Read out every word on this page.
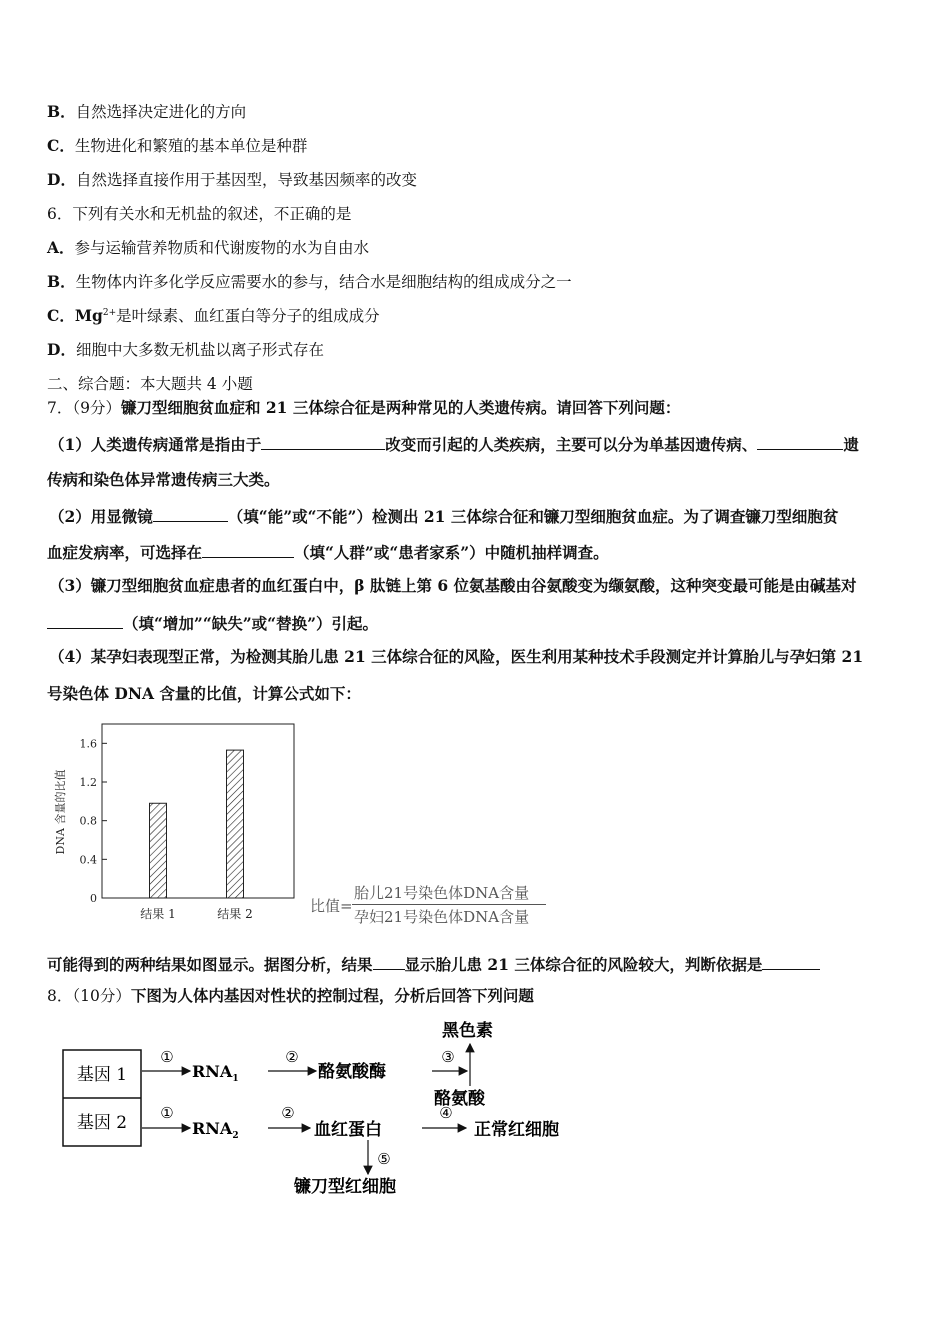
B．自然选择决定进化的方向
C．生物进化和繁殖的基本单位是种群
D．自然选择直接作用于基因型，导致基因频率的改变
6．下列有关水和无机盐的叙述，不正确的是
A．参与运输营养物质和代谢废物的水为自由水
B．生物体内许多化学反应需要水的参与，结合水是细胞结构的组成成分之一
C．$Mg^{2+}$是叶绿素、血红蛋白等分子的组成成分
D．细胞中大多数无机盐以离子形式存在
二、综合题：本大题共 4 小题
7．（9分）镰刀型细胞贫血症和 21 三体综合征是两种常见的人类遗传病。请回答下列问题：
（1）人类遗传病通常是指由于	改变而引起的人类疾病，主要可以分为单基因遗传病、	遗
传病和染色体异常遗传病三大类。
（2）用显微镜	（填“能”或“不能”）检测出 21 三体综合征和镰刀型细胞贫血症。为了调查镰刀型细胞贫
血症发病率，可选择在	（填“人群”或“患者家系”）中随机抽样调查。
（3）镰刀型细胞贫血症患者的血红蛋白中，β 肽链上第 6 位氨基酸由谷氨酸变为缬氨酸，这种突变最可能是由碱基对
（填“增加”“缺失”或“替换”）引起。
（4）某孕妇表现型正常，为检测其胎儿患 21 三体综合征的风险，医生利用某种技术手段测定并计算胎儿与孕妇第 21
号染色体 DNA 含量的比值，计算公式如下：
0
0.4
0.8
1.2
1.6
结果 1	结果 2
DNA 含量的比值
比值=
胎儿21号染色体DNA含量
孕妇21号染色体DNA含量
可能得到的两种结果如图显示。据图分析，结果 显示胎儿患 21 三体综合征的风险较大，判断依据是
8．（10分）下图为人体内基因对性状的控制过程，分析后回答下列问题
基因 1
基因 2
①
$RNA_1$
②
酪氨酸酶
③
黑色素
酪氨酸
①
$RNA_2$
②
血红蛋白
④
正常红细胞
⑤
镰刀型红细胞
